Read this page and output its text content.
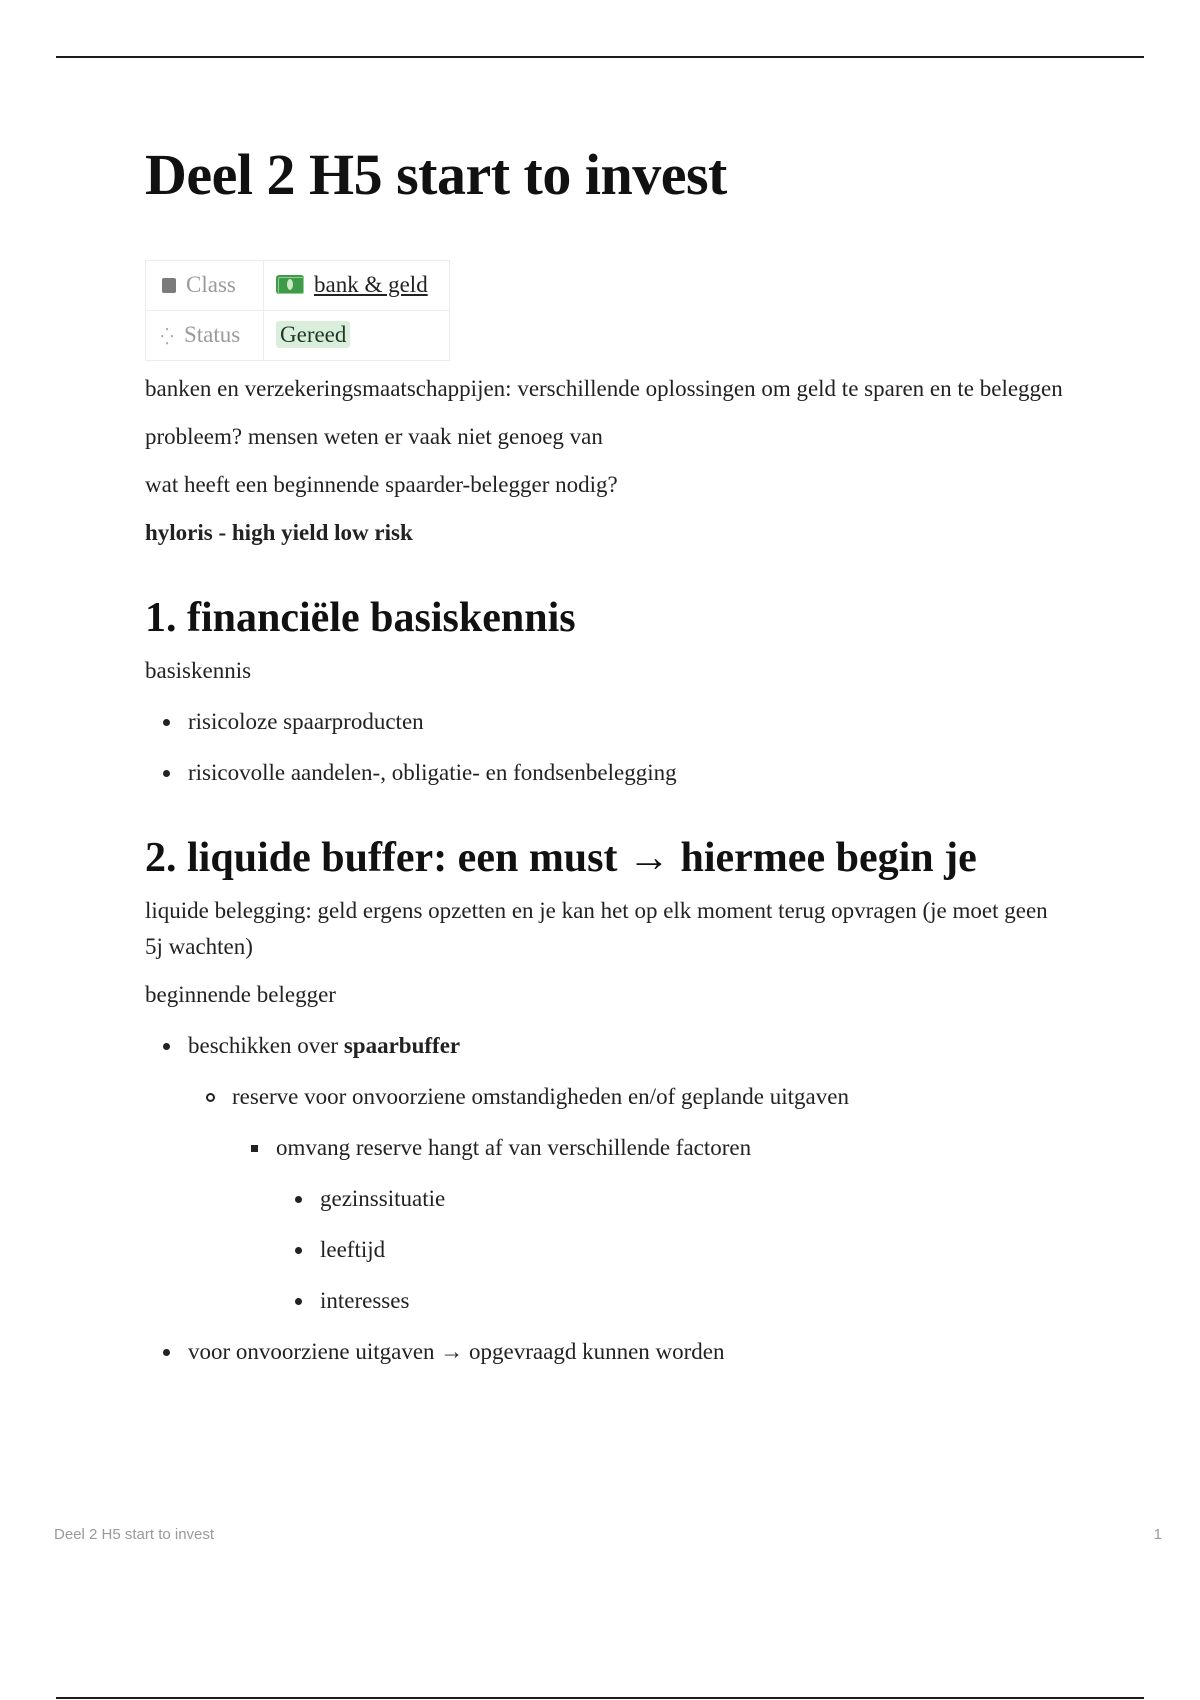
Deel 2 H5 start to invest
Class	bank & geld
⁛ Status	Gereed

banken en verzekeringsmaatschappijen: verschillende oplossingen om geld te sparen en te beleggen

probleem? mensen weten er vaak niet genoeg van

wat heeft een beginnende spaarder-belegger nodig?

hyloris - high yield low risk

1. financiële basiskennis

basiskennis

risicoloze spaarproducten
risicovolle aandelen-, obligatie- en fondsenbelegging
2. liquide buffer: een must → hiermee begin je

liquide belegging: geld ergens opzetten en je kan het op elk moment terug opvragen (je moet geen 5j wachten)

beginnende belegger

beschikken over spaarbuffer
reserve voor onvoorziene omstandigheden en/of geplande uitgaven
omvang reserve hangt af van verschillende factoren
gezinssituatie
leeftijd
interesses
voor onvoorziene uitgaven → opgevraagd kunnen worden
Deel 2 H5 start to invest	1
